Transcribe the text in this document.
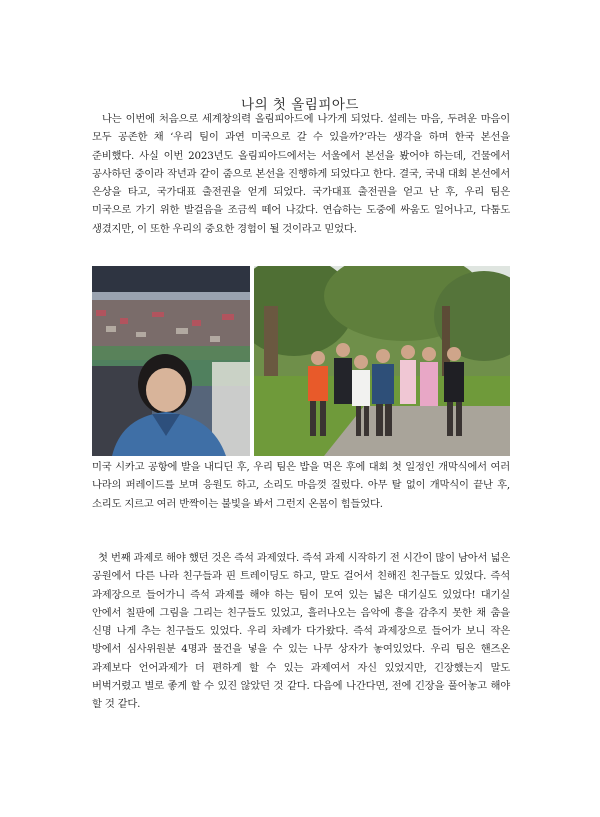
나의 첫 올림피아드

나는 이번에 처음으로 세계창의력 올림피아드에 나가게 되었다. 설레는 마음, 두려운 마음이 모두 공존한 채 ‘우리 팀이 과연 미국으로 갈 수 있을까?’라는 생각을 하며 한국 본선을 준비했다. 사실 이번 2023년도 올림피아드에서는 서울에서 본선을 봤어야 하는데, 건물에서 공사하던 중이라 작년과 같이 줌으로 본선을 진행하게 되었다고 한다. 결국, 국내 대회 본선에서 은상을 타고, 국가대표 출전권을 얻게 되었다. 국가대표 출전권을 얻고 난 후, 우리 팀은 미국으로 가기 위한 발걸음을 조금씩 떼어 나갔다. 연습하는 도중에 싸움도 일어나고, 다툼도 생겼지만, 이 또한 우리의 중요한 경험이 될 것이라고 믿었다.

미국 시카고 공항에 발을 내디딘 후, 우리 팀은 밥을 먹은 후에 대회 첫 일정인 개막식에서 여러 나라의 퍼레이드를 보며 응원도 하고, 소리도 마음껏 질렀다. 아무 탈 없이 개막식이 끝난 후, 소리도 지르고 여러 반짝이는 불빛을 봐서 그런지 온몸이 힘들었다.

첫 번째 과제로 해야 했던 것은 즉석 과제였다. 즉석 과제 시작하기 전 시간이 많이 남아서 넓은 공원에서 다른 나라 친구들과 핀 트레이딩도 하고, 말도 걸어서 친해진 친구들도 있었다. 즉석 과제장으로 들어가니 즉석 과제를 해야 하는 팀이 모여 있는 넓은 대기실도 있었다! 대기실 안에서 칠판에 그림을 그리는 친구들도 있었고, 흘러나오는 음악에 흥을 감추지 못한 채 춤을 신명 나게 추는 친구들도 있었다. 우리 차례가 다가왔다. 즉석 과제장으로 들어가 보니 작은 방에서 심사위원분 4명과 물건을 넣을 수 있는 나무 상자가 놓여있었다. 우리 팀은 핸즈온 과제보다 언어과제가 더 편하게 할 수 있는 과제여서 자신 있었지만, 긴장했는지 말도 버벅거렸고 별로 좋게 할 수 있진 않았던 것 같다. 다음에 나간다면, 전에 긴장을 풀어놓고 해야 할 것 같다.
